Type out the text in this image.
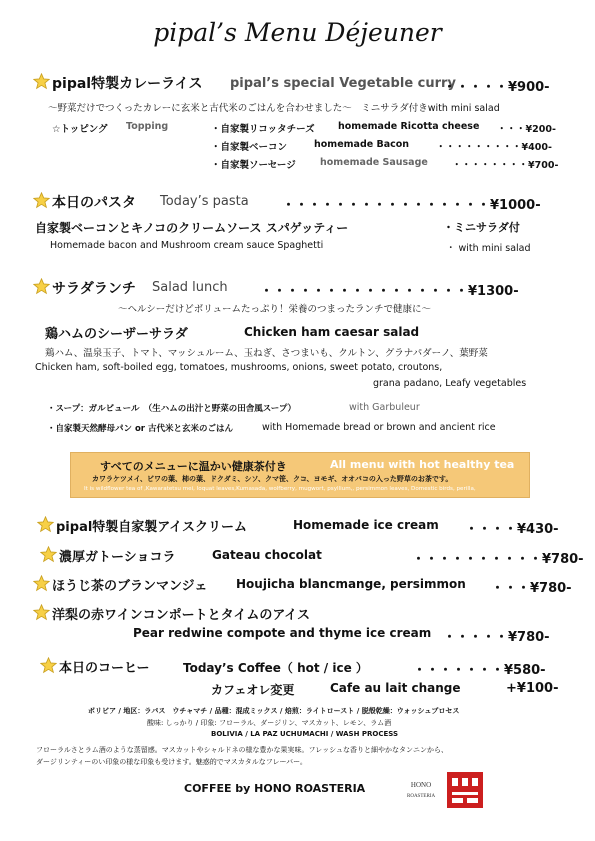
pipal’s Menu Déjeuner
pipal特製カレーライス pipal’s special Vegetable curry
・・・・・¥900-
〜野菜だけでつくったカレーに玄米と古代米のごはんを合わせました〜　ミニサラダ付きwith mini salad
☆トッピング Topping	・自家製リコッタチーズ homemade Ricotta cheese ・・・¥200-
・自家製ベーコン	homemade Bacon	・・・・・・・・・¥400-
・自家製ソーセージ	homemade Sausage	・・・・・・・・¥700-
本日のパスタ Today’s pasta	・・・・・・・・・・・・・・・・¥1000-
自家製ベーコンとキノコのクリームソース スパゲッティー	・ミニサラダ付
Homemade bacon and Mushroom cream sauce Spaghetti	・ with mini salad
サラダランチ Salad lunch ・・・・・・・・・・・・・・・・¥1300-
〜ヘルシーだけどボリュームたっぷり！栄養のつまったランチで健康に〜
鶏ハムのシーザーサラダ	Chicken ham caesar salad
鶏ハム、温泉玉子、トマト、マッシュルーム、玉ねぎ、さつまいも、クルトン、グラナパダーノ、葉野菜
Chicken ham, soft-boiled egg, tomatoes, mushrooms, onions, sweet potato, croutons,
grana padano, Leafy vegetables
・スープ：ガルビュール　（生ハムの出汁と野菜の田舎風スープ）	with Garbuleur
・自家製天然酵母パン or 古代米と玄米のごはん	with Homemade bread or brown and ancient rice
すべてのメニューに温かい健康茶付き	All menu with hot healthy tea
カワラケツメイ、ビワの葉、柿の葉、ドクダミ、シソ、クマ笹、クコ、ヨモギ、オオバコの入った野草のお茶です。
It is wildflower tea of ,Kawaratetsu mei, loquat leaves,Kumasada, wolfberry, mugwort, psyllium,, persimmon leaves, Domestic birds, perilla,
pipal特製自家製アイスクリーム	Homemade ice cream ・・・・¥430-
濃厚ガトーショコラ	Gateau chocolat	・・・・・・・・・・¥780-
ほうじ茶のブランマンジェ Houjicha blancmange, persimmon ・・・¥780-
洋梨の赤ワインコンポートとタイムのアイス
Pear redwine compote and thyme ice cream ・・・・・¥780-
本日のコーヒー	Today’s Coffee（ hot / ice ）	・・・・・・・¥580-
カフェオレ変更	Cafe au lait change	+¥100-
ボリビア / 地区：ラパス　ウチャマチ / 品種：混成ミックス / 焙煎：ライトロースト / 脱殻乾燥：ウォッシュプロセス
酸味: しっかり / 印象: フローラル、ダージリン、マスカット、レモン、ラム酒
BOLIVIA / LA PAZ UCHUMACHI / WASH PROCESS
フローラルさとラム酒のような蒸留感。マスカットやシャルドネの様な豊かな果実味。フレッシュな香りと細やかなタンニンから、
ダージリンティーのい印象の様な印象も受けます。魅惑的でマスカタルなフレーバー。
COFFEE by HONO ROASTERIA	HONO
ROASTERIA
